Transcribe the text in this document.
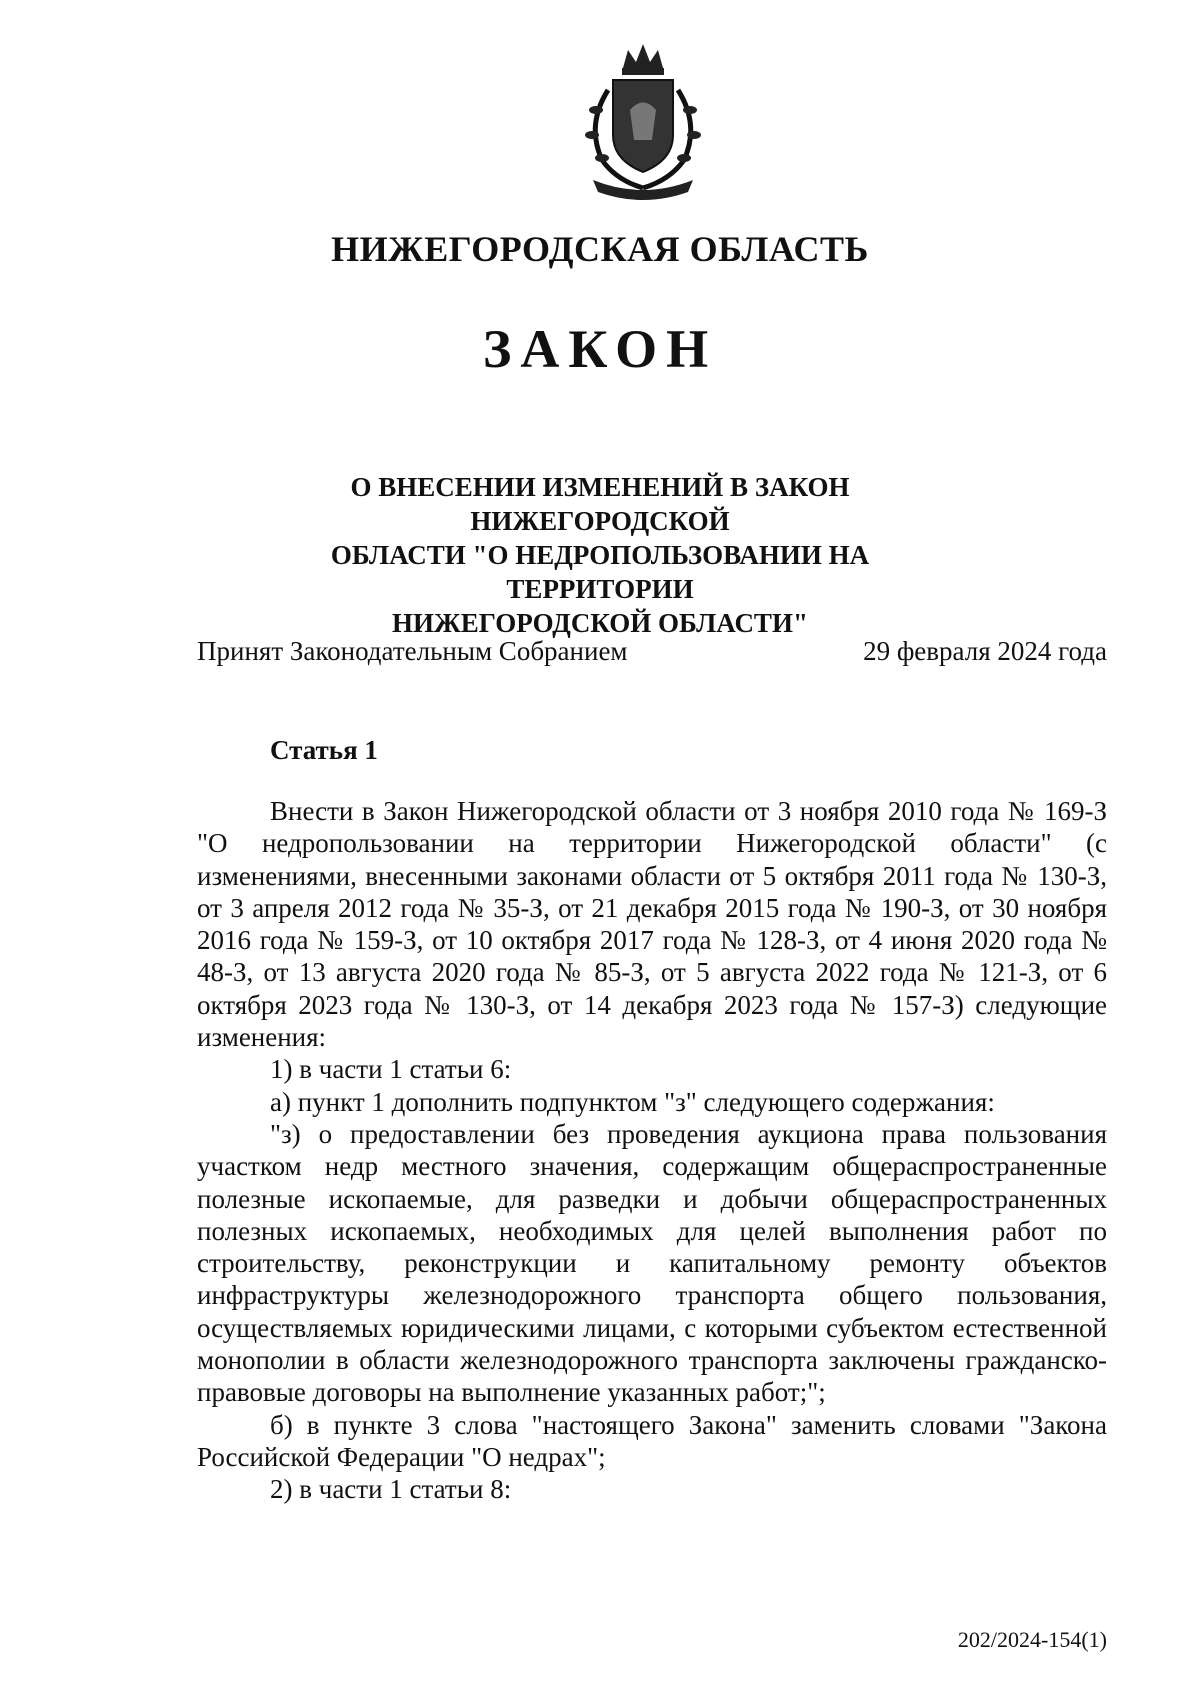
НИЖЕГОРОДСКАЯ ОБЛАСТЬ
ЗАКОН
О ВНЕСЕНИИ ИЗМЕНЕНИЙ В ЗАКОН НИЖЕГОРОДСКОЙ
ОБЛАСТИ "О НЕДРОПОЛЬЗОВАНИИ НА ТЕРРИТОРИИ
НИЖЕГОРОДСКОЙ ОБЛАСТИ"
Принят Законодательным Собранием	29 февраля 2024 года
Статья 1

Внести в Закон Нижегородской области от 3 ноября 2010 года № 169-З "О недропользовании на территории Нижегородской области" (с изменениями, внесенными законами области от 5 октября 2011 года № 130-З, от 3 апреля 2012 года № 35-З, от 21 декабря 2015 года № 190-З, от 30 ноября 2016 года № 159-З, от 10 октября 2017 года № 128-З, от 4 июня 2020 года № 48-З, от 13 августа 2020 года № 85-З, от 5 августа 2022 года № 121-З, от 6 октября 2023 года № 130-З, от 14 декабря 2023 года № 157-З) следующие изменения:

1) в части 1 статьи 6:

а) пункт 1 дополнить подпунктом "з" следующего содержания:

"з) о предоставлении без проведения аукциона права пользования участком недр местного значения, содержащим общераспространенные полезные ископаемые, для разведки и добычи общераспространенных полезных ископаемых, необходимых для целей выполнения работ по строительству, реконструкции и капитальному ремонту объектов инфраструктуры железнодорожного транспорта общего пользования, осуществляемых юридическими лицами, с которыми субъектом естественной монополии в области железнодорожного транспорта заключены гражданско-правовые договоры на выполнение указанных работ;";

б) в пункте 3 слова "настоящего Закона" заменить словами "Закона Российской Федерации "О недрах";

2) в части 1 статьи 8:

202/2024-154(1)
